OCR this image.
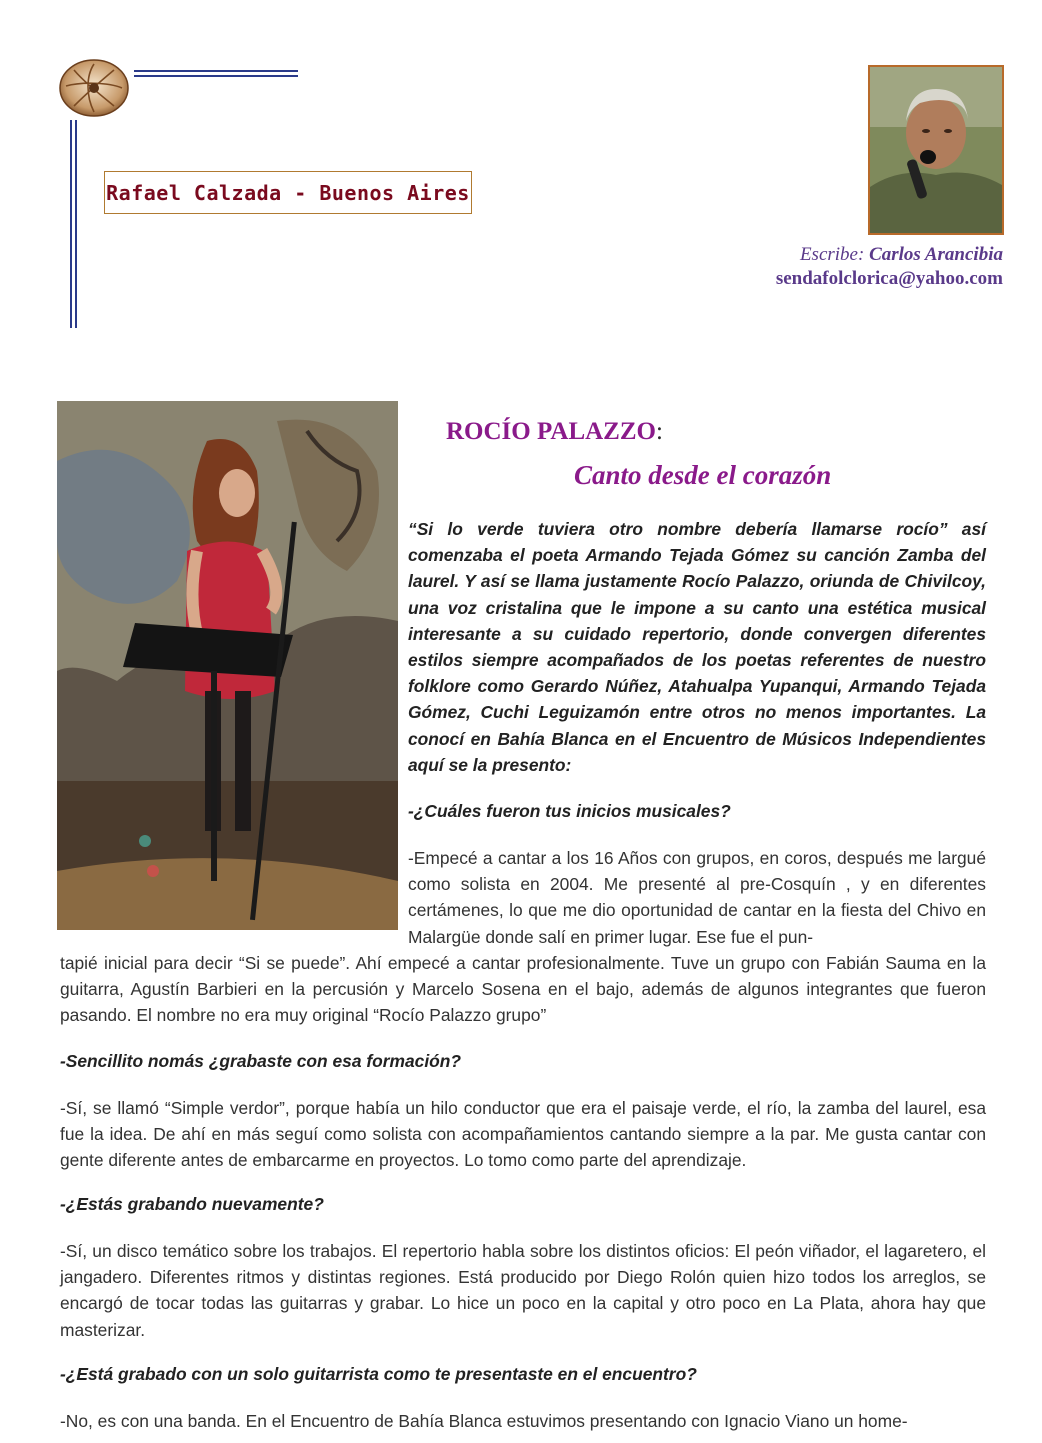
Rafael Calzada - Buenos Aires
Escribe: Carlos Arancibia
sendafolclorica@yahoo.com
ROCÍO PALAZZO:
Canto desde el corazón

“Si lo verde tuviera otro nombre debería llamarse rocío” así comenzaba el poeta Armando Tejada Gómez su canción Zamba del laurel. Y así se llama justamente Rocío Palazzo, oriunda de Chivilcoy, una voz cristalina que le impone a su canto una estética musical interesante a su cuidado repertorio, donde convergen diferentes estilos siempre acompañados de los poetas referentes de nuestro folklore como Gerardo Núñez, Atahualpa Yupanqui, Armando Tejada Gómez, Cuchi Leguizamón entre otros no menos importantes. La conocí en Bahía Blanca en el Encuentro de Músicos Independientes aquí se la presento:

-¿Cuáles fueron tus inicios musicales?

-Empecé a cantar a los 16 Años con grupos, en coros, después me largué como solista en 2004. Me presenté al pre-Cosquín , y en diferentes certámenes, lo que me dio oportunidad de cantar en la fiesta del Chivo en Malargüe donde salí en primer lugar. Ese fue el pun-

tapié inicial para decir “Si se puede”. Ahí empecé a cantar profesionalmente. Tuve un grupo con Fabián Sauma en la guitarra, Agustín Barbieri en la percusión y Marcelo Sosena en el bajo, además de algunos integrantes que fueron pasando. El nombre no era muy original “Rocío Palazzo grupo”

-Sencillito nomás ¿grabaste con esa formación?

-Sí, se llamó “Simple verdor”, porque había un hilo conductor que era el paisaje verde, el río, la zamba del laurel, esa fue la idea. De ahí en más seguí como solista con acompañamientos cantando siempre a la par. Me gusta cantar con gente diferente antes de embarcarme en proyectos. Lo tomo como parte del aprendizaje.

-¿Estás grabando nuevamente?

-Sí, un disco temático sobre los trabajos. El repertorio habla sobre los distintos oficios: El peón viñador, el lagaretero, el jangadero. Diferentes ritmos y distintas regiones. Está producido por Diego Rolón quien hizo todos los arreglos, se encargó de tocar todas las guitarras y grabar. Lo hice un poco en la capital y otro poco en La Plata, ahora hay que masterizar.

-¿Está grabado con un solo guitarrista como te presentaste en el encuentro?

-No, es con una banda. En el Encuentro de Bahía Blanca estuvimos presentando con Ignacio Viano un home-
